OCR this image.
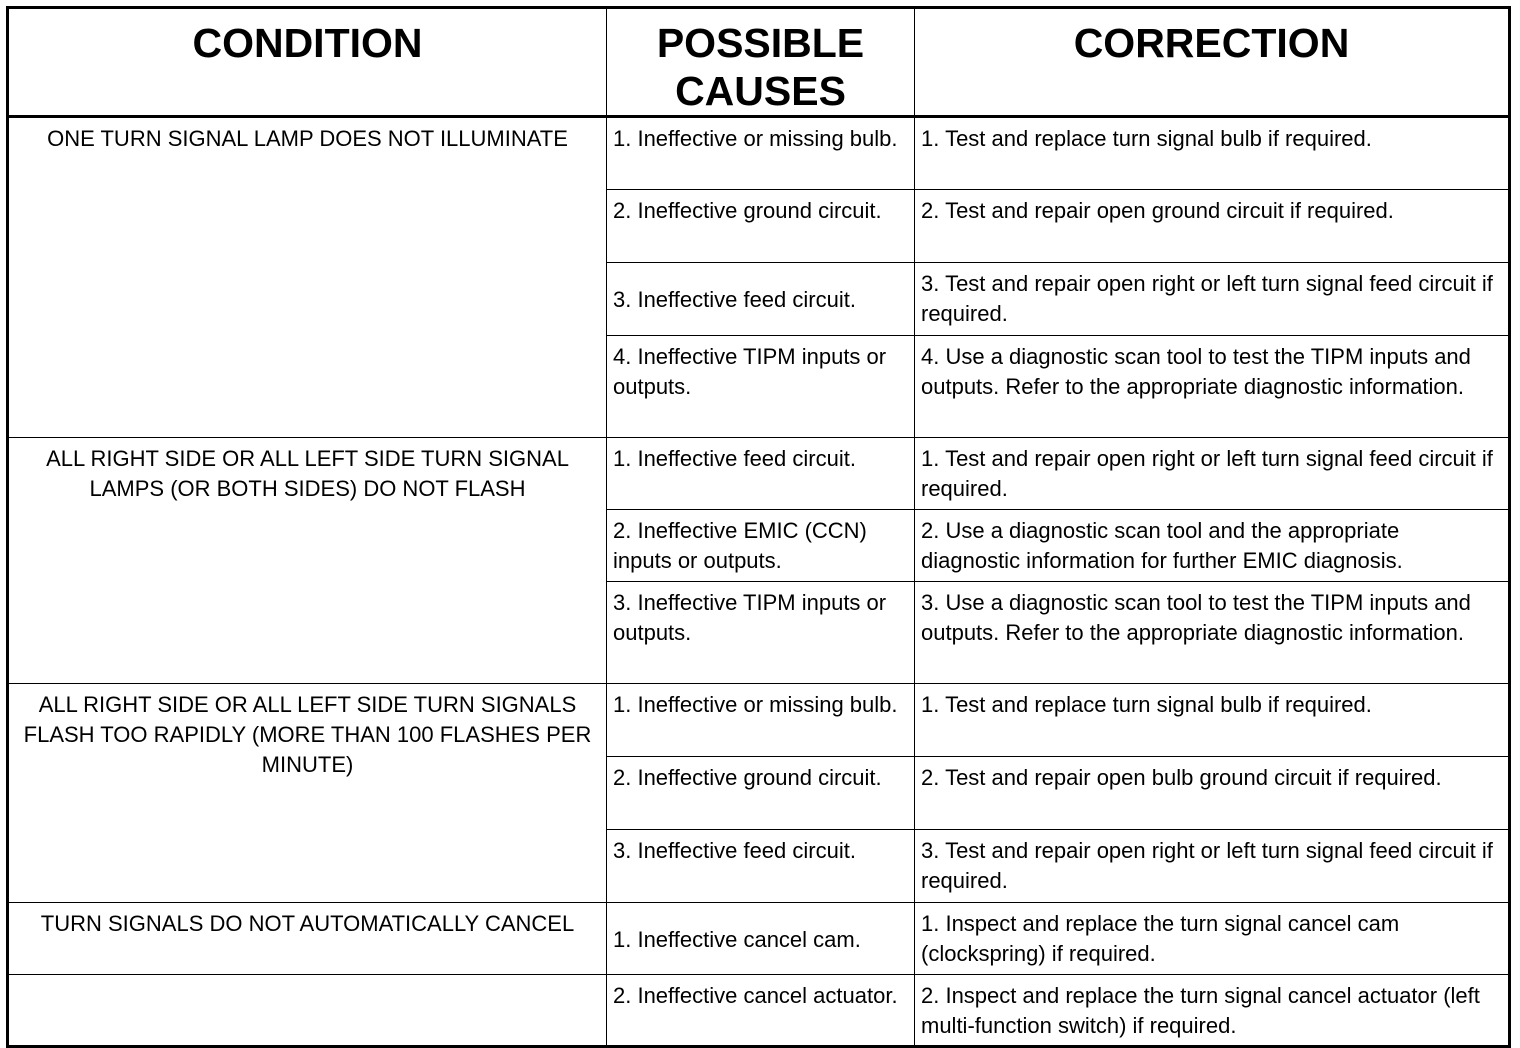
CONDITION	POSSIBLE CAUSES	CORRECTION
ONE TURN SIGNAL LAMP DOES NOT ILLUMINATE	1. Ineffective or missing bulb.	1. Test and replace turn signal bulb if required.
	2. Ineffective ground circuit.	2. Test and repair open ground circuit if required.
	3. Ineffective feed circuit.	3. Test and repair open right or left turn signal feed circuit if required.
	4. Ineffective TIPM inputs or outputs.	4. Use a diagnostic scan tool to test the TIPM inputs and outputs. Refer to the appropriate diagnostic information.
ALL RIGHT SIDE OR ALL LEFT SIDE TURN SIGNAL LAMPS (OR BOTH SIDES) DO NOT FLASH	1. Ineffective feed circuit.	1. Test and repair open right or left turn signal feed circuit if required.
	2. Ineffective EMIC (CCN) inputs or outputs.	2. Use a diagnostic scan tool and the appropriate diagnostic information for further EMIC diagnosis.
	3. Ineffective TIPM inputs or outputs.	3. Use a diagnostic scan tool to test the TIPM inputs and outputs. Refer to the appropriate diagnostic information.
ALL RIGHT SIDE OR ALL LEFT SIDE TURN SIGNALS FLASH TOO RAPIDLY (MORE THAN 100 FLASHES PER MINUTE)	1. Ineffective or missing bulb.	1. Test and replace turn signal bulb if required.
	2. Ineffective ground circuit.	2. Test and repair open bulb ground circuit if required.
	3. Ineffective feed circuit.	3. Test and repair open right or left turn signal feed circuit if required.
TURN SIGNALS DO NOT AUTOMATICALLY CANCEL	1. Ineffective cancel cam.	1. Inspect and replace the turn signal cancel cam (clockspring) if required.
	2. Ineffective cancel actuator.	2. Inspect and replace the turn signal cancel actuator (left multi-function switch) if required.
